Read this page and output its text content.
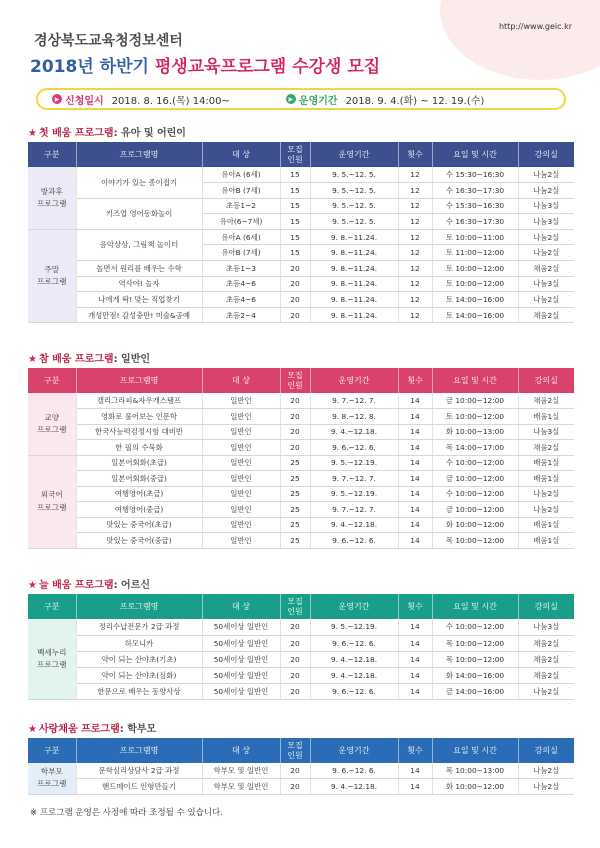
http://www.geic.kr
경상북도교육청정보센터
2018년 하반기 평생교육프로그램 수강생 모집
▶ 신청일시 2018. 8. 16.(목) 14:00~	▶ 운영기간 2018. 9. 4.(화) ~ 12. 19.(수)
★ 첫 배움 프로그램: 유아 및 어린이
구분	프로그램명	대 상	모집
인원	운영기간	횟수	요일 및 시간	강의실
방과후
프로그램	이야기가 있는 종이접기	유아A (6세)	15	9. 5.~12. 5.	12	수 15:30~16:30	나눔2실
		유아B (7세)	15	9. 5.~12. 5.	12	수 16:30~17:30	나눔2실
	키즈업 영어동화놀이	초등1~2	15	9. 5.~12. 5.	12	수 15:30~16:30	나눔3실
		유아(6~7세)	15	9. 5.~12. 5.	12	수 16:30~17:30	나눔3실
주말
프로그램	음악상상, 그림책 놀이터	유아A (6세)	15	9. 8.~11.24.	12	토 10:00~11:00	나눔2실
		유아B (7세)	15	9. 8.~11.24.	12	토 11:00~12:00	나눔2실
	놀면서 원리를 배우는 수학	초등1~3	20	9. 8.~11.24.	12	토 10:00~12:00	채움2실
	역사야! 놀자	초등4~6	20	9. 8.~11.24.	12	토 10:00~12:00	나눔3실
	나에게 딱! 맞는 직업찾기	초등4~6	20	9. 8.~11.24.	12	토 14:00~16:00	나눔2실
	개성만점! 감성충만! 미술&공예	초등2~4	20	9. 8.~11.24.	12	토 14:00~16:00	채움2실
★ 참 배움 프로그램: 일반인
구분	프로그램명	대 상	모집
인원	운영기간	횟수	요일 및 시간	강의실
교양
프로그램	캘리그라피&자우개스탬프	일반인	20	9. 7.~12. 7.	14	금 10:00~12:00	채움2실
	영화로 풀어보는 인문학	일반인	20	9. 8.~12. 8.	14	토 10:00~12:00	배움1실
	한국사능력검정시험 대비반	일반인	20	9. 4.~12.18.	14	화 10:00~13:00	나눔3실
	한 필의 수묵화	일반인	20	9. 6.~12. 6.	14	목 14:00~17:00	채움2실
외국어
프로그램	일본어회화(초급)	일반인	25	9. 5.~12.19.	14	수 10:00~12:00	배움1실
	일본어회화(중급)	일반인	25	9. 7.~12. 7.	14	금 10:00~12:00	배움1실
	여행영어(초급)	일반인	25	9. 5.~12.19.	14	수 10:00~12:00	나눔2실
	여행영어(중급)	일반인	25	9. 7.~12. 7.	14	금 10:00~12:00	나눔2실
	맛있는 중국어(초급)	일반인	25	9. 4.~12.18.	14	화 10:00~12:00	배움1실
	맛있는 중국어(중급)	일반인	25	9. 6.~12. 6.	14	목 10:00~12:00	배움1실
★ 늘 배움 프로그램: 어르신
구분	프로그램명	대 상	모집
인원	운영기간	횟수	요일 및 시간	강의실
백세누리
프로그램	정리수납전문가 2급 과정	50세이상 일반인	20	9. 5.~12.19.	14	수 10:00~12:00	나눔3실
	하모니카	50세이상 일반인	20	9. 6.~12. 6.	14	목 10:00~12:00	채움2실
	약이 되는 산야초(기초)	50세이상 일반인	20	9. 4.~12.18.	14	목 10:00~12:00	채움2실
	약이 되는 산야초(심화)	50세이상 일반인	20	9. 4.~12.18.	14	화 14:00~16:00	채움2실
	한문으로 배우는 동양사상	50세이상 일반인	20	9. 6.~12. 6.	14	금 14:00~16:00	나눔2실
★ 사랑채움 프로그램: 학부모
구분	프로그램명	대 상	모집
인원	운영기간	횟수	요일 및 시간	강의실
학부모
프로그램	문학심리상담사 2급 과정	학부모 및 일반인	20	9. 6.~12. 6.	14	목 10:00~13:00	나눔2실
	핸드메이드 인형만들기	학부모 및 일반인	20	9. 4.~12.18.	14	화 10:00~12:00	나눔2실
※ 프로그램 운영은 사정에 따라 조정될 수 있습니다.
